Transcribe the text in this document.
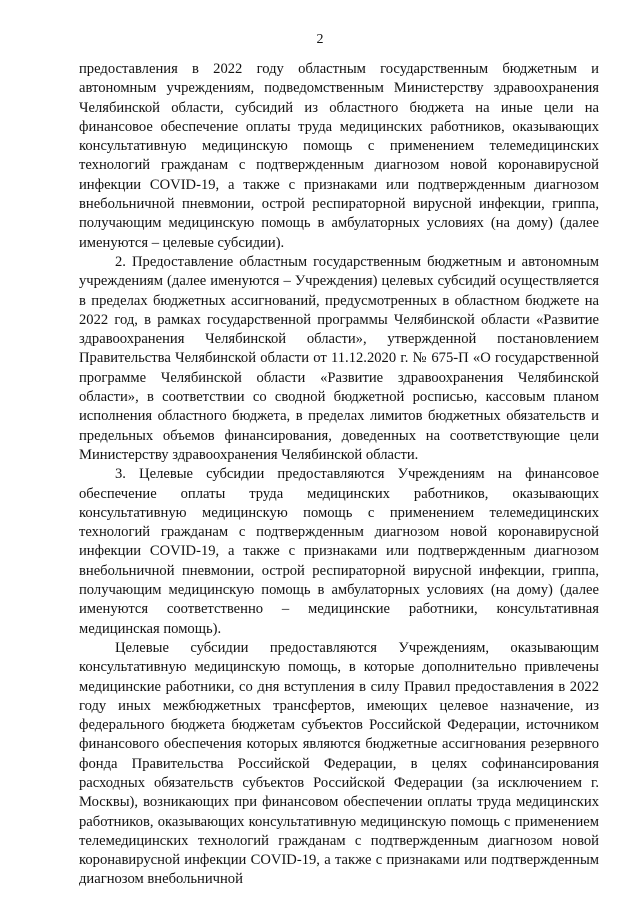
2

предоставления в 2022 году областным государственным бюджетным и автономным учреждениям, подведомственным Министерству здравоохранения Челябинской области, субсидий из областного бюджета на иные цели на финансовое обеспечение оплаты труда медицинских работников, оказывающих консультативную медицинскую помощь с применением телемедицинских технологий гражданам с подтвержденным диагнозом новой коронавирусной инфекции COVID-19, а также с признаками или подтвержденным диагнозом внебольничной пневмонии, острой респираторной вирусной инфекции, гриппа, получающим медицинскую помощь в амбулаторных условиях (на дому) (далее именуются – целевые субсидии).

2. Предоставление областным государственным бюджетным и автономным учреждениям (далее именуются – Учреждения) целевых субсидий осуществляется в пределах бюджетных ассигнований, предусмотренных в областном бюджете на 2022 год, в рамках государственной программы Челябинской области «Развитие здравоохранения Челябинской области», утвержденной постановлением Правительства Челябинской области от 11.12.2020 г. № 675-П «О государственной программе Челябинской области «Развитие здравоохранения Челябинской области», в соответствии со сводной бюджетной росписью, кассовым планом исполнения областного бюджета, в пределах лимитов бюджетных обязательств и предельных объемов финансирования, доведенных на соответствующие цели Министерству здравоохранения Челябинской области.

3. Целевые субсидии предоставляются Учреждениям на финансовое обеспечение оплаты труда медицинских работников, оказывающих консультативную медицинскую помощь с применением телемедицинских технологий гражданам с подтвержденным диагнозом новой коронавирусной инфекции COVID-19, а также с признаками или подтвержденным диагнозом внебольничной пневмонии, острой респираторной вирусной инфекции, гриппа, получающим медицинскую помощь в амбулаторных условиях (на дому) (далее именуются соответственно – медицинские работники, консультативная медицинская помощь).

Целевые субсидии предоставляются Учреждениям, оказывающим консультативную медицинскую помощь, в которые дополнительно привлечены медицинские работники, со дня вступления в силу Правил предоставления в 2022 году иных межбюджетных трансфертов, имеющих целевое назначение, из федерального бюджета бюджетам субъектов Российской Федерации, источником финансового обеспечения которых являются бюджетные ассигнования резервного фонда Правительства Российской Федерации, в целях софинансирования расходных обязательств субъектов Российской Федерации (за исключением г. Москвы), возникающих при финансовом обеспечении оплаты труда медицинских работников, оказывающих консультативную медицинскую помощь с применением телемедицинских технологий гражданам с подтвержденным диагнозом новой коронавирусной инфекции COVID-19, а также с признаками или подтвержденным диагнозом внебольничной
